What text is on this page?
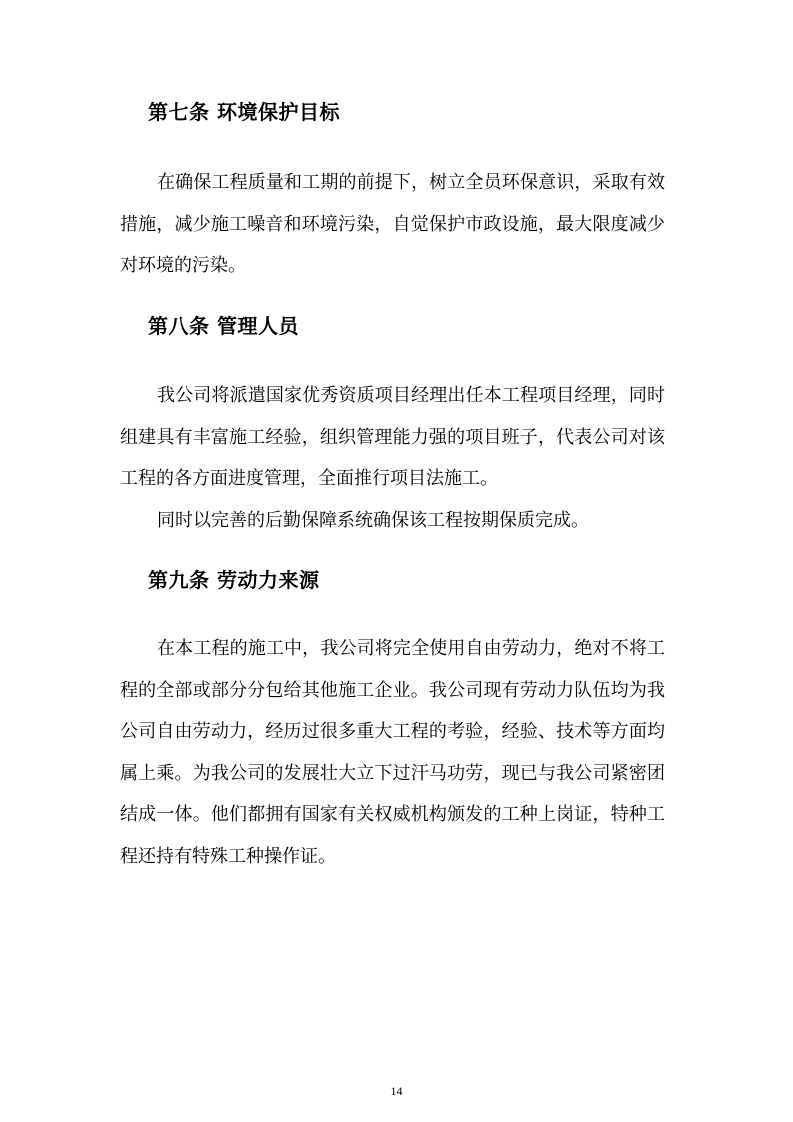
第七条 环境保护目标

在确保工程质量和工期的前提下，树立全员环保意识，采取有效措施，减少施工噪音和环境污染，自觉保护市政设施，最大限度减少对环境的污染。

第八条 管理人员

我公司将派遣国家优秀资质项目经理出任本工程项目经理，同时组建具有丰富施工经验，组织管理能力强的项目班子，代表公司对该工程的各方面进度管理，全面推行项目法施工。

同时以完善的后勤保障系统确保该工程按期保质完成。

第九条 劳动力来源

在本工程的施工中，我公司将完全使用自由劳动力，绝对不将工程的全部或部分分包给其他施工企业。我公司现有劳动力队伍均为我公司自由劳动力，经历过很多重大工程的考验，经验、技术等方面均属上乘。为我公司的发展壮大立下过汗马功劳，现已与我公司紧密团结成一体。他们都拥有国家有关权威机构颁发的工种上岗证，特种工程还持有特殊工种操作证。

14
